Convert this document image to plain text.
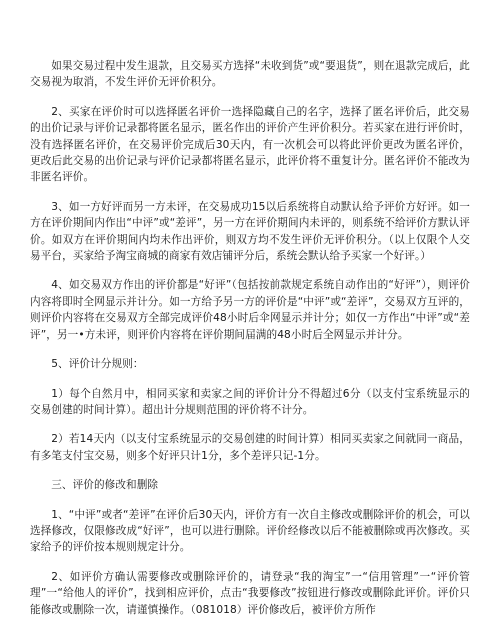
如果交易过程中发生退款，且交易买方选择“未收到货”或“要退货”，则在退款完成后，此交易视为取消，不发生评价无评价积分。

2、买家在评价时可以选择匿名评价一选择隐藏自己的名字，选择了匿名评价后，此交易的出价记录与评价记录都将匿名显示，匿名作出的评价产生评价积分。若买家在进行评价时，没有选择匿名评价，在交易评价完成后30天内，有一次机会可以将此评价更改为匿名评价，更改后此交易的出价记录与评价记录都将匿名显示，此评价将不重复计分。匿名评价不能改为非匿名评价。

3、如一方好评而另一方未评，在交易成功15以后系统将自动默认给予评价方好评。如一方在评价期间内作出“中评”或“差评”，另一方在评价期间内未评的，则系统不给评价方默认评价。如双方在评价期间内均未作出评价，则双方均不发生评价无评价积分。（以上仅限个人交易平台，买家给予淘宝商城的商家有效店铺评分后，系统会默认给予买家一个好评。）

4、如交易双方作出的评价都是“好评”（包括按前款规定系统自动作出的“好评”），则评价内容将即时全网显示并计分。如一方给予另一方的评价是“中评”或“差评”，交易双方互评的，则评价内容将在交易双方全部完成评价48小时后伞网显示并计分；如仅一方作出“中评”或“差评”，另一•方未评，则评价内容将在评价期间届满的48小时后全网显示并计分。

5、评价计分规则：

1）每个自然月中，相同买家和卖家之间的评价计分不得超过6分（以支付宝系统显示的交易创建的时间计算）。超出计分规则范围的评价将不计分。

2）若14天内（以支付宝系统显示的交易创建的时间计算）相同买卖家之间就同一商品，有多笔支付宝交易，则多个好评只计1分，多个差评只记-1分。

三、评价的修改和删除

1、“中评”或者“差评”在评价后30天内，评价方有一次自主修改或删除评价的机会，可以选择修改，仅限修改成“好评”，也可以进行删除。评价经修改以后不能被删除或再次修改。买家给予的评价按本规则规定计分。

2、如评价方确认需要修改或删除评价的，请登录“我的淘宝”一“信用管理”一“评价管理”一“给他人的评价”，找到相应评价，点击“我要修改”按钮进行修改或删除此评价。评价只能修改或删除一次，请谨慎操作。（081018）评价修改后，被评价方所作
